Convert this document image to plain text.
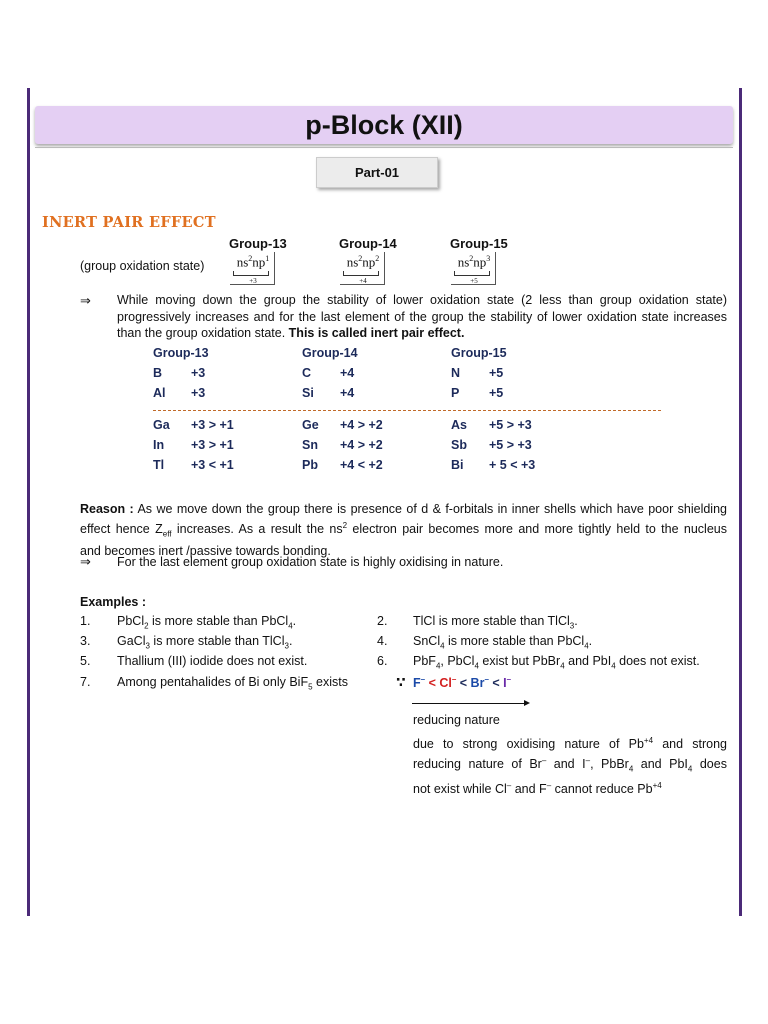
p-Block (XII)
Part-01
INERT PAIR EFFECT
Group-13	Group-14	Group-15
(group oxidation state)	$ns^2np^1$
+3
$ns^2np^2$
+4
$ns^2np^3$
+5
⇒ While moving down the group the stability of lower oxidation state (2 less than group oxidation state)
progressively increases and for the last element of the group the stability of lower oxidation state increases
than the group oxidation state. This is called inert pair effect.
Group-13	Group-14	Group-15
B +3	C +4	N +5
Al +3	Si +4	P +5
Ga +3 > +1	Ge +4 > +2	As +5 > +3
In +3 > +1	Sn +4 > +2	Sb +5 > +3
Tl +3 < +1	Pb +4 < +2	Bi + 5 < +3
Reason : As we move down the group there is presence of d & f-orbitals in inner shells which have poor shielding
effect hence $Z_{eff}$ increases. As a result the $ns^2$ electron pair becomes more and more tightly held to the nucleus
and becomes inert /passive towards bonding.
⇒ For the last element group oxidation state is highly oxidising in nature.
Examples :
1. PbCl$_2$ is more stable than PbCl$_4$.	2. TlCl is more stable than TlCl$_3$.
3. GaCl$_3$ is more stable than TlCl$_3$.	4. SnCl$_4$ is more stable than PbCl$_4$.
5. Thallium (III) iodide does not exist.	6. PbF$_4$, PbCl$_4$ exist but PbBr$_4$ and PbI$_4$ does not exist.
7. Among pentahalides of Bi only BiF$_5$ exists	∵ F– < Cl– < Br– < I–
reducing nature
due to strong oxidising nature of $Pb^{+4}$ and strong
reducing nature of Br– and I–, PbBr$_4$ and PbI$_4$ does
not exist while Cl– and F– cannot reduce $Pb^{+4}$
